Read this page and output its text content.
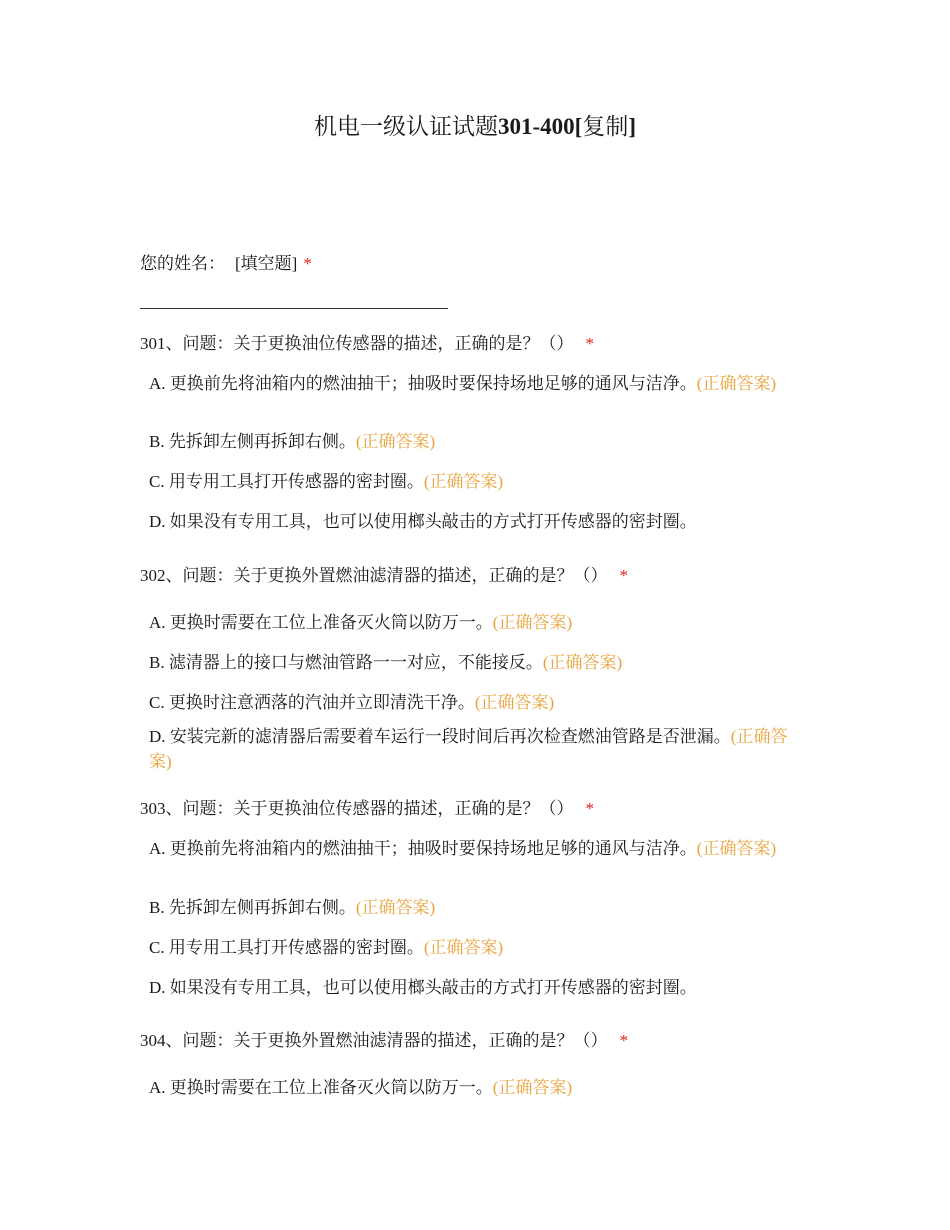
机电一级认证试题301-400[复制]
您的姓名： [填空题] *

301、问题：关于更换油位传感器的描述，正确的是？（） *

A. 更换前先将油箱内的燃油抽干；抽吸时要保持场地足够的通风与洁净。(正确答案)
B. 先拆卸左侧再拆卸右侧。(正确答案)
C. 用专用工具打开传感器的密封圈。(正确答案)
D. 如果没有专用工具，也可以使用榔头敲击的方式打开传感器的密封圈。

302、问题：关于更换外置燃油滤清器的描述，正确的是？（） *

A. 更换时需要在工位上准备灭火筒以防万一。(正确答案)
B. 滤清器上的接口与燃油管路一一对应，不能接反。(正确答案)
C. 更换时注意洒落的汽油并立即清洗干净。(正确答案)
D. 安装完新的滤清器后需要着车运行一段时间后再次检查燃油管路是否泄漏。(正确答案)

303、问题：关于更换油位传感器的描述，正确的是？（） *

A. 更换前先将油箱内的燃油抽干；抽吸时要保持场地足够的通风与洁净。(正确答案)
B. 先拆卸左侧再拆卸右侧。(正确答案)
C. 用专用工具打开传感器的密封圈。(正确答案)
D. 如果没有专用工具，也可以使用榔头敲击的方式打开传感器的密封圈。

304、问题：关于更换外置燃油滤清器的描述，正确的是？（） *

A. 更换时需要在工位上准备灭火筒以防万一。(正确答案)
